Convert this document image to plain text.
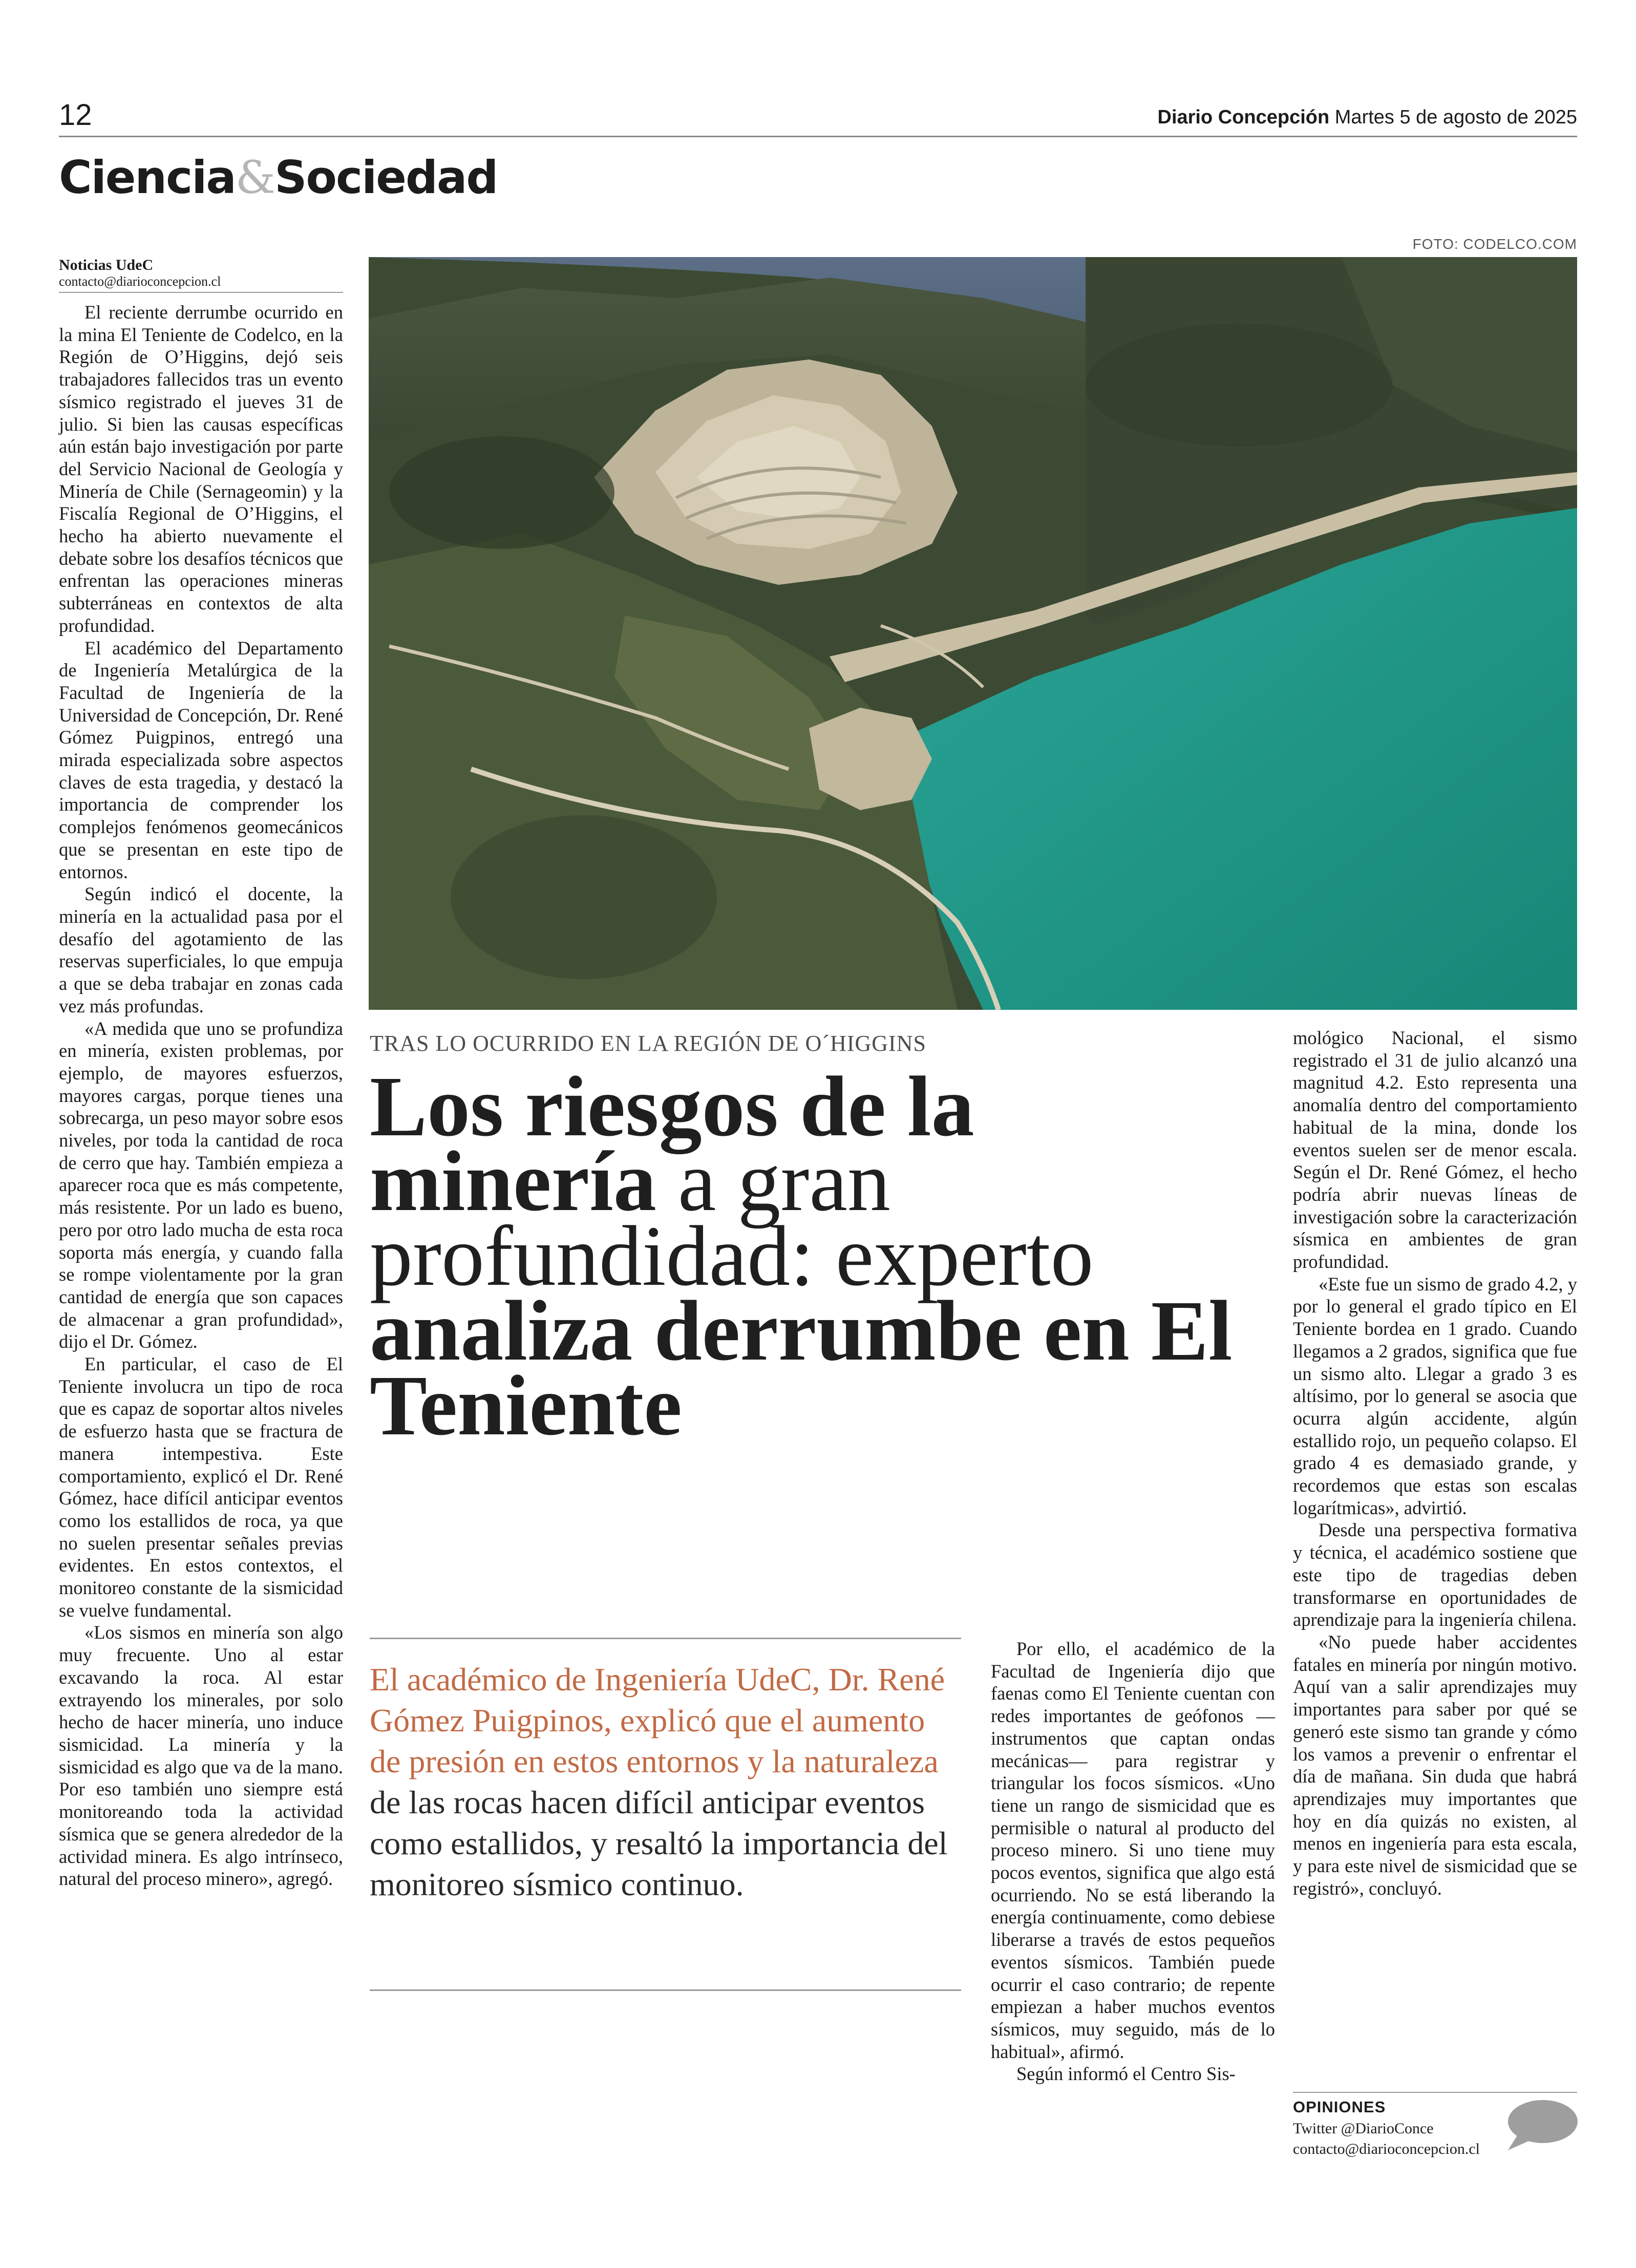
12	Diario Concepción Martes 5 de agosto de 2025
Ciencia&Sociedad
Noticias UdeC
contacto@diarioconcepcion.cl

El reciente derrumbe ocurrido en la mina El Teniente de Codelco, en la Región de O’Higgins, dejó seis trabajadores fallecidos tras un evento sísmico registrado el jueves 31 de julio. Si bien las causas específicas aún están bajo investigación por parte del Servicio Nacional de Geología y Minería de Chile (Sernageomin) y la Fiscalía Regional de O’Higgins, el hecho ha abierto nuevamente el debate sobre los desafíos técnicos que enfrentan las operaciones mineras subterráneas en contextos de alta profundidad.

El académico del Departamento de Ingeniería Metalúrgica de la Facultad de Ingeniería de la Universidad de Concepción, Dr. René Gómez Puigpinos, entregó una mirada especializada sobre aspectos claves de esta tragedia, y destacó la importancia de comprender los complejos fenómenos geomecánicos que se presentan en este tipo de entornos.

Según indicó el docente, la minería en la actualidad pasa por el desafío del agotamiento de las reservas superficiales, lo que empuja a que se deba trabajar en zonas cada vez más profundas.

«A medida que uno se profundiza en minería, existen problemas, por ejemplo, de mayores esfuerzos, mayores cargas, porque tienes una sobrecarga, un peso mayor sobre esos niveles, por toda la cantidad de roca de cerro que hay. También empieza a aparecer roca que es más competente, más resistente. Por un lado es bueno, pero por otro lado mucha de esta roca soporta más energía, y cuando falla se rompe violentamente por la gran cantidad de energía que son capaces de almacenar a gran profundidad», dijo el Dr. Gómez.

En particular, el caso de El Teniente involucra un tipo de roca que es capaz de soportar altos niveles de esfuerzo hasta que se fractura de manera intempestiva. Este comportamiento, explicó el Dr. René Gómez, hace difícil anticipar eventos como los estallidos de roca, ya que no suelen presentar señales previas evidentes. En estos contextos, el monitoreo constante de la sismicidad se vuelve fundamental.

«Los sismos en minería son algo muy frecuente. Uno al estar excavando la roca. Al estar extrayendo los minerales, por solo hecho de hacer minería, uno induce sismicidad. La minería y la sismicidad es algo que va de la mano. Por eso también uno siempre está monitoreando toda la actividad sísmica que se genera alrededor de la actividad minera. Es algo intrínseco, natural del proceso minero», agregó.

FOTO: CODELCO.COM
TRAS LO OCURRIDO EN LA REGIÓN DE O´HIGGINS
Los riesgos de la minería a gran profundidad: experto analiza derrumbe en El Teniente
El académico de Ingeniería UdeC, Dr. René Gómez Puigpinos, explicó que el aumento de presión en estos entornos y la naturaleza de las rocas hacen difícil anticipar eventos como estallidos, y resaltó la importancia del monitoreo sísmico continuo.

Por ello, el académico de la Facultad de Ingeniería dijo que faenas como El Teniente cuentan con redes importantes de geófonos —instrumentos que captan ondas mecánicas— para registrar y triangular los focos sísmicos. «Uno tiene un rango de sismicidad que es permisible o natural al producto del proceso minero. Si uno tiene muy pocos eventos, significa que algo está ocurriendo. No se está liberando la energía continuamente, como debiese liberarse a través de estos pequeños eventos sísmicos. También puede ocurrir el caso contrario; de repente empiezan a haber muchos eventos sísmicos, muy seguido, más de lo habitual», afirmó.

Según informó el Centro Sis-

mológico Nacional, el sismo registrado el 31 de julio alcanzó una magnitud 4.2. Esto representa una anomalía dentro del comportamiento habitual de la mina, donde los eventos suelen ser de menor escala. Según el Dr. René Gómez, el hecho podría abrir nuevas líneas de investigación sobre la caracterización sísmica en ambientes de gran profundidad.

«Este fue un sismo de grado 4.2, y por lo general el grado típico en El Teniente bordea en 1 grado. Cuando llegamos a 2 grados, significa que fue un sismo alto. Llegar a grado 3 es altísimo, por lo general se asocia que ocurra algún accidente, algún estallido rojo, un pequeño colapso. El grado 4 es demasiado grande, y recordemos que estas son escalas logarítmicas», advirtió.

Desde una perspectiva formativa y técnica, el académico sostiene que este tipo de tragedias deben transformarse en oportunidades de aprendizaje para la ingeniería chilena.

«No puede haber accidentes fatales en minería por ningún motivo. Aquí van a salir aprendizajes muy importantes para saber por qué se generó este sismo tan grande y cómo los vamos a prevenir o enfrentar el día de mañana. Sin duda que habrá aprendizajes muy importantes que hoy en día quizás no existen, al menos en ingeniería para esta escala, y para este nivel de sismicidad que se registró», concluyó.

OPINIONES
Twitter @DiarioConce
contacto@diarioconcepcion.cl
